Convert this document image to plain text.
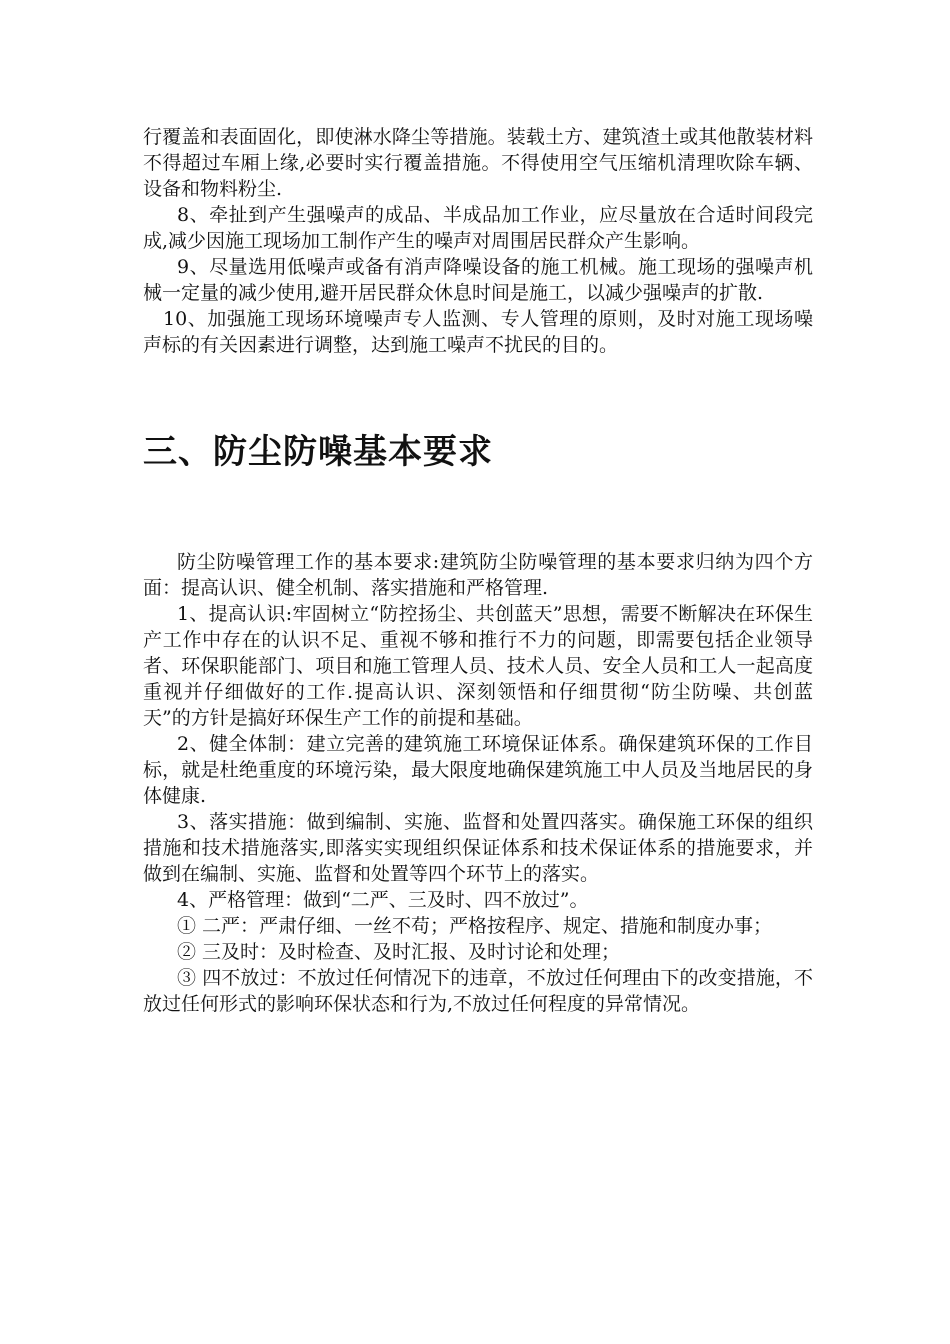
行覆盖和表面固化，即使淋水降尘等措施。装载土方、建筑渣土或其他散装材料不得超过车厢上缘,必要时实行覆盖措施。不得使用空气压缩机清理吹除车辆、设备和物料粉尘.

8、牵扯到产生强噪声的成品、半成品加工作业，应尽量放在合适时间段完成,减少因施工现场加工制作产生的噪声对周围居民群众产生影响。

9、尽量选用低噪声或备有消声降噪设备的施工机械。施工现场的强噪声机械一定量的减少使用,避开居民群众休息时间是施工，以减少强噪声的扩散.

10、加强施工现场环境噪声专人监测、专人管理的原则，及时对施工现场噪声标的有关因素进行调整，达到施工噪声不扰民的目的。

三、防尘防噪基本要求

防尘防噪管理工作的基本要求:建筑防尘防噪管理的基本要求归纳为四个方面：提高认识、健全机制、落实措施和严格管理.

1、提高认识:牢固树立“防控扬尘、共创蓝天”思想，需要不断解决在环保生产工作中存在的认识不足、重视不够和推行不力的问题，即需要包括企业领导者、环保职能部门、项目和施工管理人员、技术人员、安全人员和工人一起高度重视并仔细做好的工作.提高认识、深刻领悟和仔细贯彻“防尘防噪、共创蓝天”的方针是搞好环保生产工作的前提和基础。

2、健全体制：建立完善的建筑施工环境保证体系。确保建筑环保的工作目标，就是杜绝重度的环境污染，最大限度地确保建筑施工中人员及当地居民的身体健康.

3、落实措施：做到编制、实施、监督和处置四落实。确保施工环保的组织措施和技术措施落实,即落实实现组织保证体系和技术保证体系的措施要求，并做到在编制、实施、监督和处置等四个环节上的落实。

4、严格管理：做到“二严、三及时、四不放过”。

① 二严：严肃仔细、一丝不苟；严格按程序、规定、措施和制度办事；

② 三及时：及时检查、及时汇报、及时讨论和处理；

③ 四不放过：不放过任何情况下的违章，不放过任何理由下的改变措施，不放过任何形式的影响环保状态和行为,不放过任何程度的异常情况。
